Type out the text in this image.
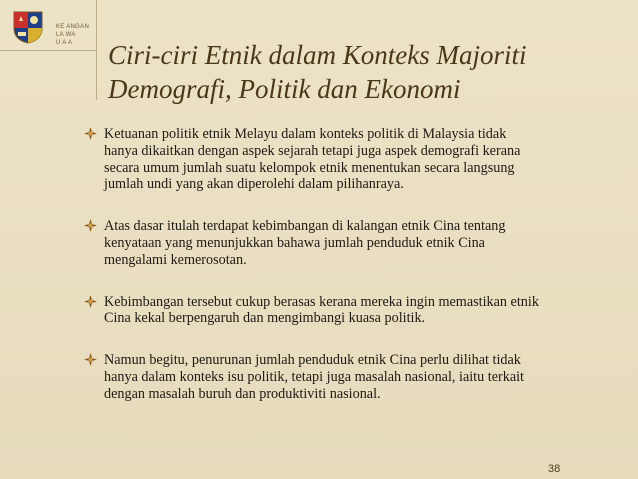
KE ANGAN
LA WA
U A A	Ciri-ciri Etnik dalam Konteks Majoriti
Demografi, Politik dan Ekonomi
Ketuanan politik etnik Melayu dalam konteks politik di Malaysia tidak
hanya dikaitkan dengan aspek sejarah tetapi juga aspek demografi kerana
secara umum jumlah suatu kelompok etnik menentukan secara langsung
jumlah undi yang akan diperolehi dalam pilihanraya.
Atas dasar itulah terdapat kebimbangan di kalangan etnik Cina tentang
kenyataan yang menunjukkan bahawa jumlah penduduk etnik Cina
mengalami kemerosotan.
Kebimbangan tersebut cukup berasas kerana mereka ingin memastikan etnik
Cina kekal berpengaruh dan mengimbangi kuasa politik.
Namun begitu, penurunan jumlah penduduk etnik Cina perlu dilihat tidak
hanya dalam konteks isu politik, tetapi juga masalah nasional, iaitu terkait
dengan masalah buruh dan produktiviti nasional.
38
